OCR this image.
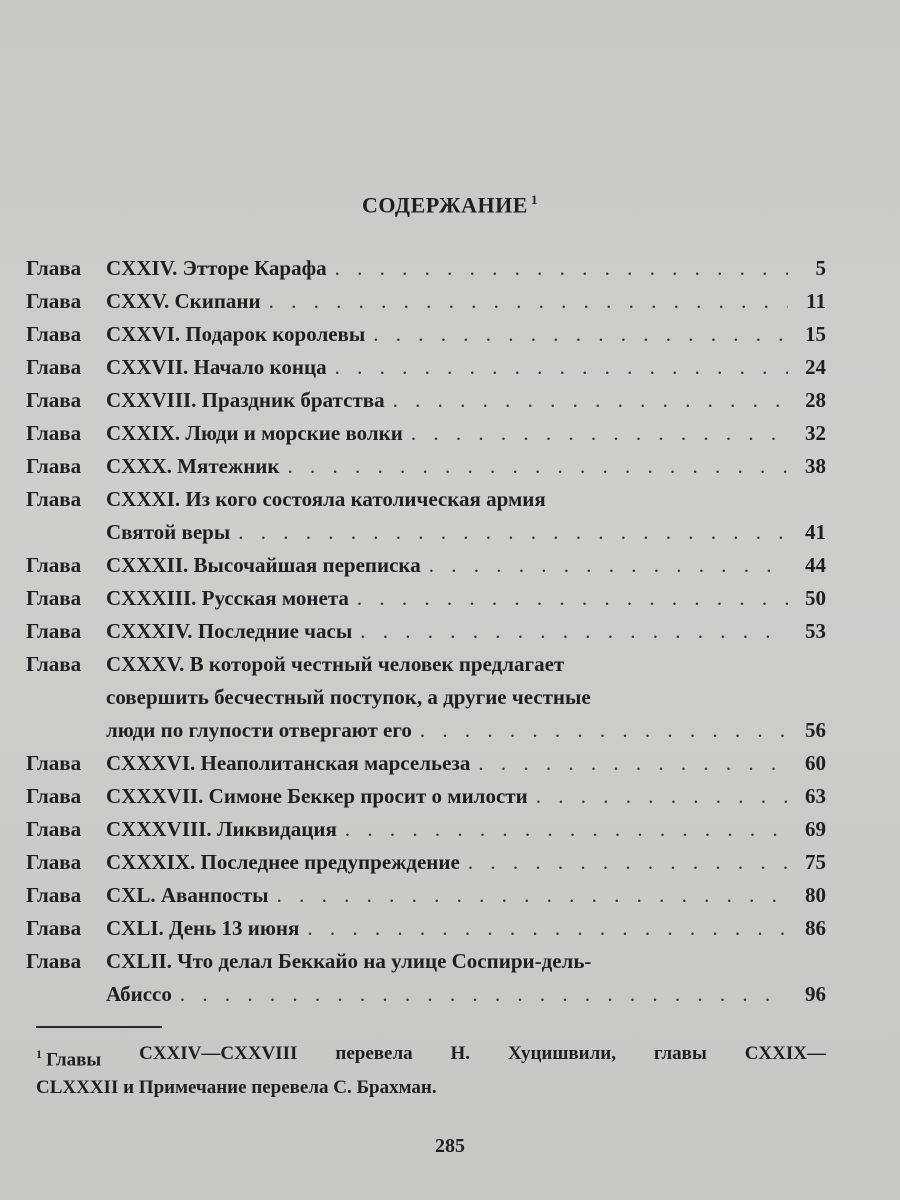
СОДЕРЖАНИЕ $^1$
Глава	CXXIV. Этторе Карафа . . .	5
Глава	CXXV. Скипани . . .	11
Глава	CXXVI. Подарок королевы . . .	15
Глава	CXXVII. Начало конца . . .	24
Глава	CXXVIII. Праздник братства . . .	28
Глава	CXXIX. Люди и морские волки . . .	32
Глава	CXXX. Мятежник . . .	38
Глава	CXXXI. Из кого состояла католическая армия
Святой веры . . .	41
Глава	CXXXII. Высочайшая переписка . . .	44
Глава	CXXXIII. Русская монета . . .	50
Глава	CXXXIV. Последние часы . . .	53
Глава	CXXXV. В которой честный человек предлагает
совершить бесчестный поступок, а другие честные
люди по глупости отвергают его . . .	56
Глава	CXXXVI. Неаполитанская марсельеза . . .	60
Глава	CXXXVII. Симоне Беккер просит о милости . . .	63
Глава	CXXXVIII. Ликвидация . . .	69
Глава	CXXXIX. Последнее предупреждение . . .	75
Глава	CXL. Аванпосты . . .	80
Глава	CXLI. День 13 июня . . .	86
Глава	CXLII. Что делал Беккайо на улице Соспири-дель-
Абиссо . . .	96
$^1$ Главы CXXIV—CXXVIII перевела Н. Хуцишвили, главы CXXIX—
CLXXXII и Примечание перевела С. Брахман.
285
